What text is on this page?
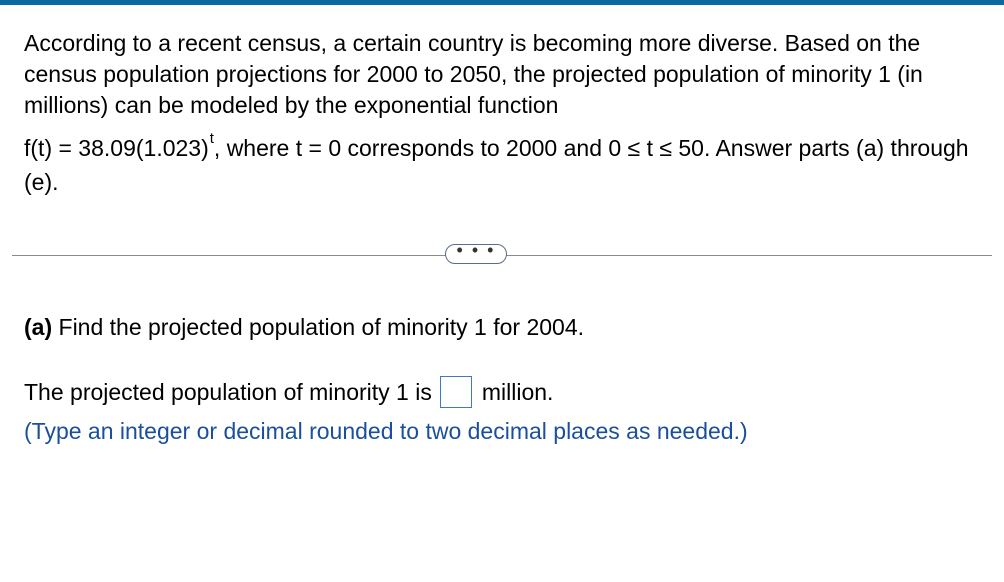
According to a recent census, a certain country is becoming more diverse. Based on the census population projections for 2000 to 2050, the projected population of minority 1 (in millions) can be modeled by the exponential function

$f(t) = 38.09(1.023)^t$, where t = 0 corresponds to 2000 and 0 ≤ t ≤ 50. Answer parts (a) through (e).

• • •
(a) Find the projected population of minority 1 for 2004.
The projected population of minority 1 is million.
(Type an integer or decimal rounded to two decimal places as needed.)
